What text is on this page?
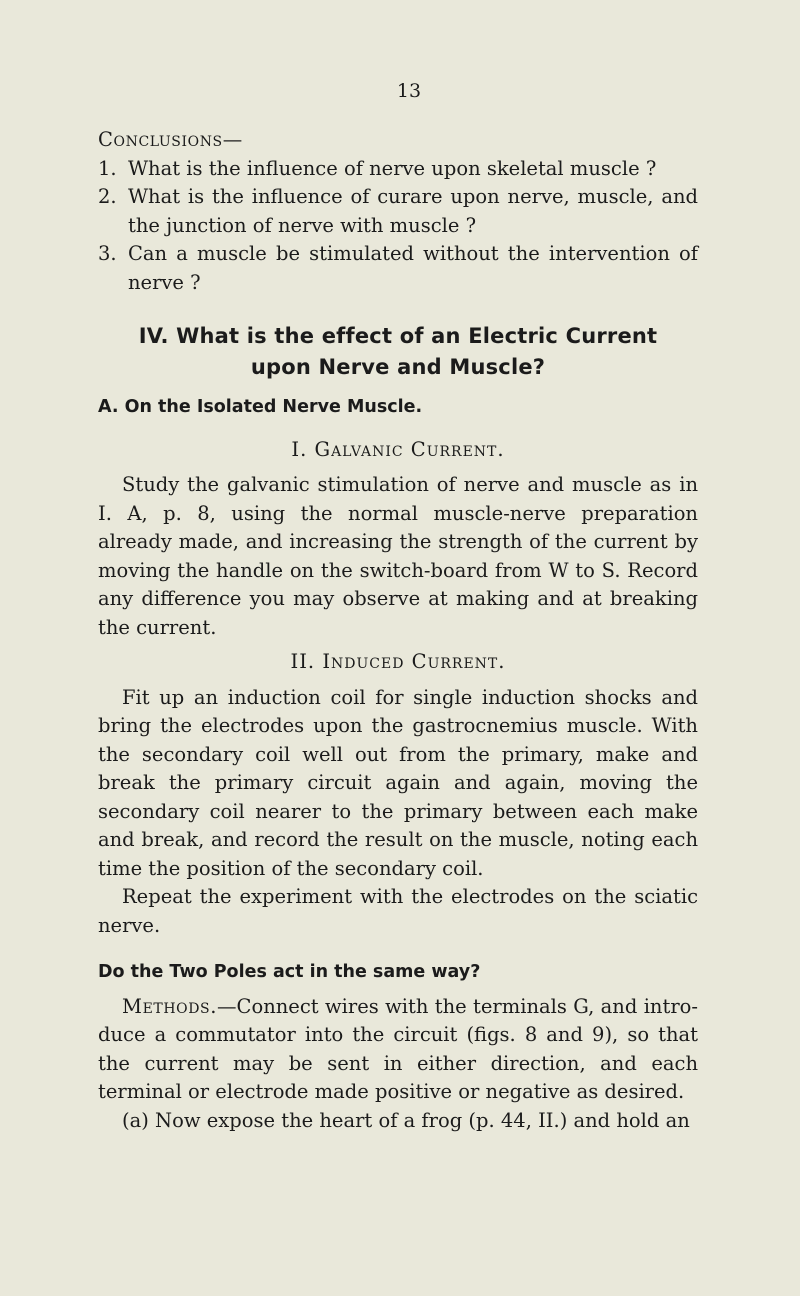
13

Conclusions—

1. What is the influence of nerve upon skeletal muscle ?
2. What is the influence of curare upon nerve, muscle, and the junction of nerve with muscle ?
3. Can a muscle be stimulated without the intervention of nerve ?
IV. What is the effect of an Electric Current upon Nerve and Muscle?
A. On the Isolated Nerve Muscle.
I. Galvanic Current.

Study the galvanic stimulation of nerve and muscle as in I. A, p. 8, using the normal muscle-nerve preparation already made, and increasing the strength of the current by moving the handle on the switch-board from W to S. Record any difference you may observe at making and at breaking the current.

II. Induced Current.

Fit up an induction coil for single induction shocks and bring the electrodes upon the gastrocnemius muscle. With the secondary coil well out from the primary, make and break the primary circuit again and again, moving the secondary coil nearer to the primary between each make and break, and record the result on the muscle, noting each time the position of the secondary coil.

Repeat the experiment with the electrodes on the sciatic nerve.

Do the Two Poles act in the same way?

Methods.—Connect wires with the terminals G, and introduce a commutator into the circuit (figs. 8 and 9), so that the current may be sent in either direction, and each terminal or electrode made positive or negative as desired.

(a) Now expose the heart of a frog (p. 44, II.) and hold an
